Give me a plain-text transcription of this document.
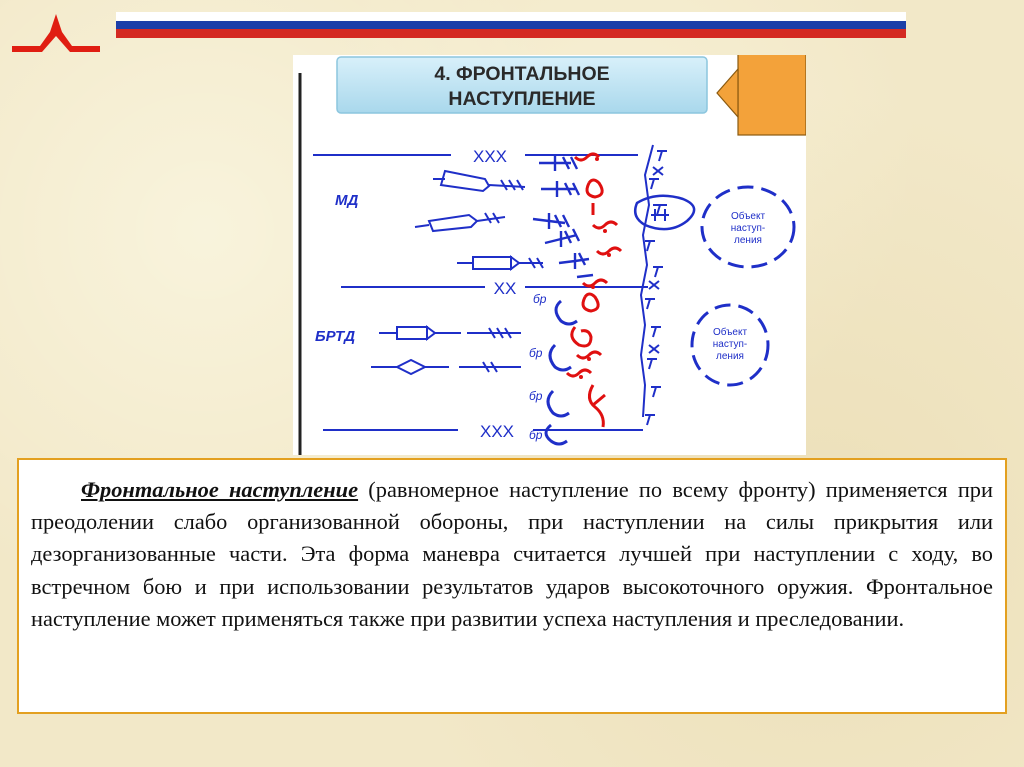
4. ФРОНТАЛЬНОЕ
НАСТУПЛЕНИЕ
XXX
XX
XXX
МД
БРТД
бр
бр
бр
бр
Объект
наступ-
ления
Объект
наступ-
ления

Фронтальное наступление (равномерное наступление по всему фронту) применяется при преодолении слабо организованной обороны, при наступлении на силы прикрытия или дезорганизованные части. Эта форма маневра считается лучшей при наступлении с ходу, во встречном бою и при использовании результатов ударов высокоточного оружия. Фронтальное наступление может применяться также при развитии успеха наступления и преследовании.
